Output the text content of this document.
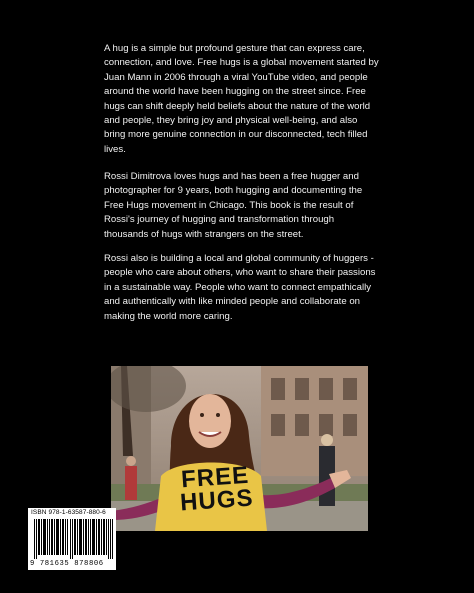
A hug is a simple but profound gesture that can express care, connection, and love. Free hugs is a global movement started by Juan Mann in 2006 through a viral YouTube video, and people around the world have been hugging on the street since. Free hugs can shift deeply held beliefs about the nature of the world and people, they bring joy and physical well-being, and also bring more genuine connection in our disconnected, tech filled lives.

Rossi Dimitrova loves hugs and has been a free hugger and photographer for 9 years, both hugging and documenting the Free Hugs movement in Chicago. This book is the result of Rossi's journey of hugging and transformation through thousands of hugs with strangers on the street.

Rossi also is building a local and global community of huggers - people who care about others, who want to share their passions in a sustainable way. People who want to connect empathically and authentically with like minded people and collaborate on making the world more caring.

FREE
HUGS
ISBN 978-1-63587-880-6
9 781635 878806
